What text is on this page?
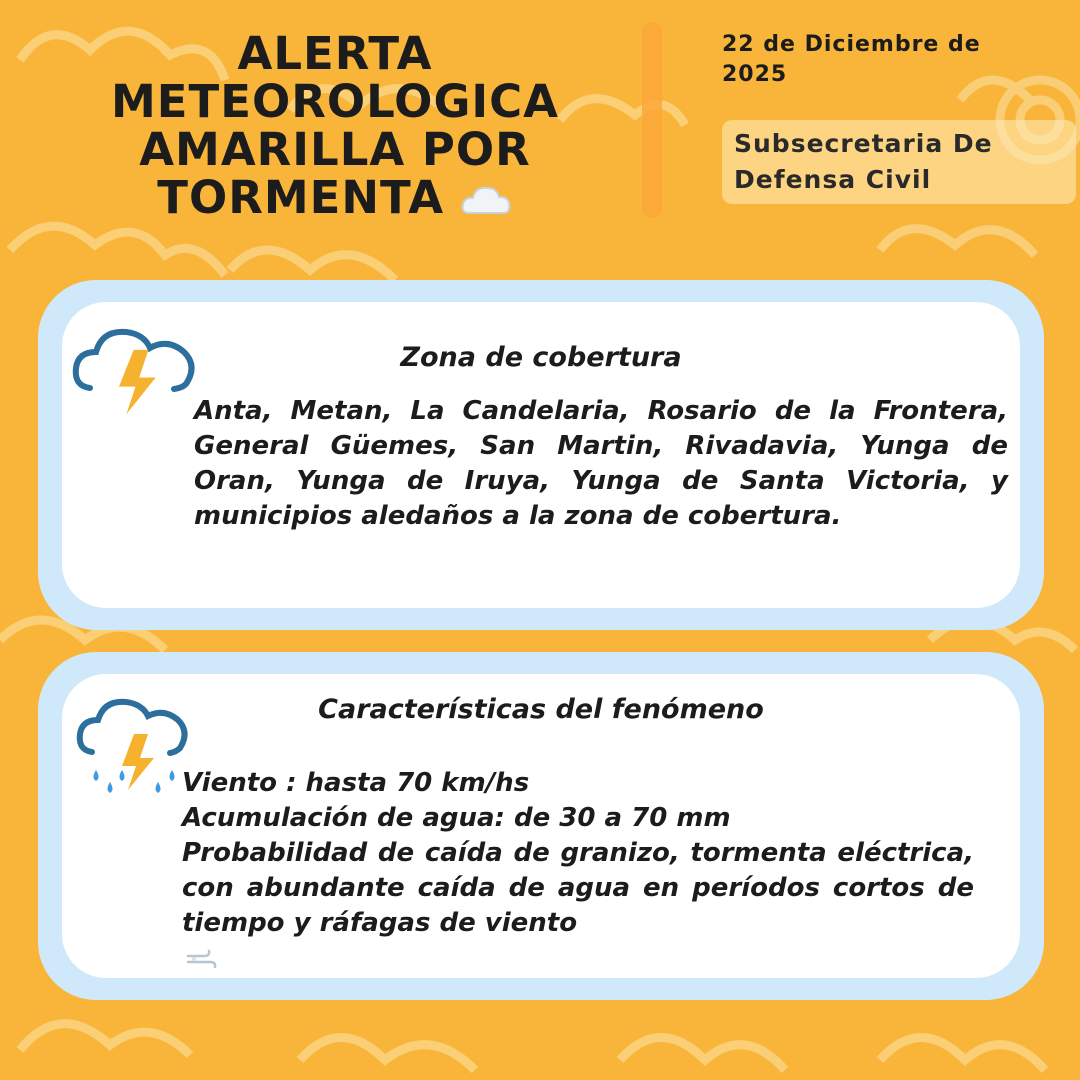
ALERTA
METEOROLOGICA
AMARILLA POR
TORMENTA
22 de Diciembre de 2025
Subsecretaria De Defensa Civil
Zona de cobertura
Anta, Metan, La Candelaria, Rosario de la Frontera, General Güemes, San Martin, Rivadavia, Yunga de Oran, Yunga de Iruya, Yunga de Santa Victoria, y municipios aledaños a la zona de cobertura.
Características del fenómeno
Viento : hasta 70 km/hs
Acumulación de agua: de 30 a 70 mm
Probabilidad de caída de granizo, tormenta eléctrica, con abundante caída de agua en períodos cortos de tiempo y ráfagas de viento
